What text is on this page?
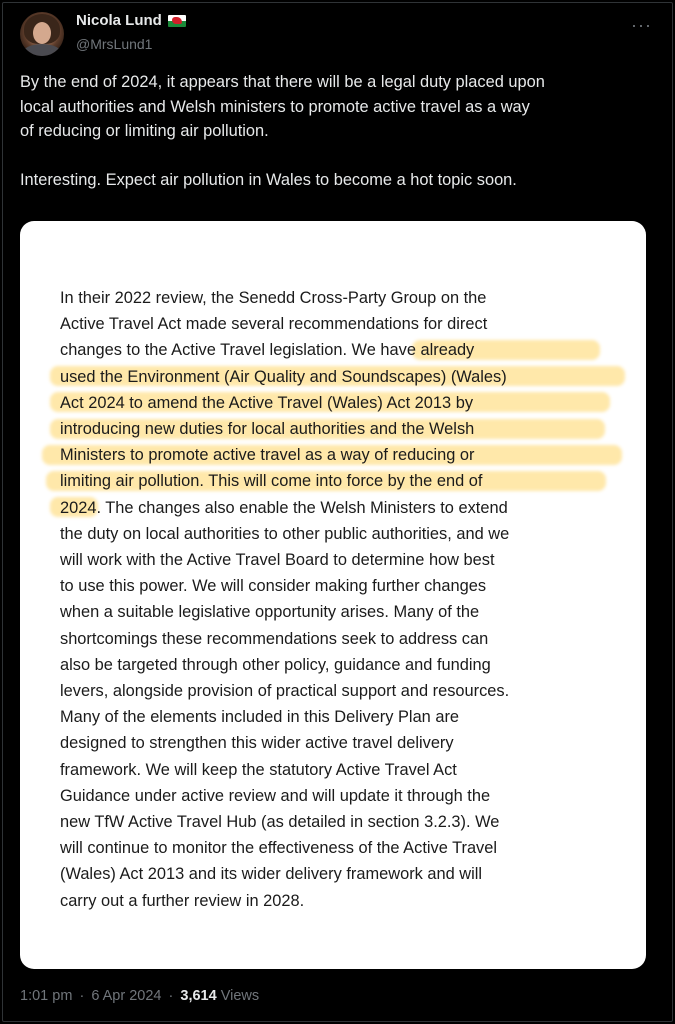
Nicola Lund
@MrsLund1
···

By the end of 2024, it appears that there will be a legal duty placed upon
local authorities and Welsh ministers to promote active travel as a way
of reducing or limiting air pollution.

Interesting. Expect air pollution in Wales to become a hot topic soon.

In their 2022 review, the Senedd Cross-Party Group on the
Active Travel Act made several recommendations for direct
changes to the Active Travel legislation. We have already
used the Environment (Air Quality and Soundscapes) (Wales)
Act 2024 to amend the Active Travel (Wales) Act 2013 by
introducing new duties for local authorities and the Welsh
Ministers to promote active travel as a way of reducing or
limiting air pollution. This will come into force by the end of
2024. The changes also enable the Welsh Ministers to extend
the duty on local authorities to other public authorities, and we
will work with the Active Travel Board to determine how best
to use this power. We will consider making further changes
when a suitable legislative opportunity arises. Many of the
shortcomings these recommendations seek to address can
also be targeted through other policy, guidance and funding
levers, alongside provision of practical support and resources.
Many of the elements included in this Delivery Plan are
designed to strengthen this wider active travel delivery
framework. We will keep the statutory Active Travel Act
Guidance under active review and will update it through the
new TfW Active Travel Hub (as detailed in section 3.2.3). We
will continue to monitor the effectiveness of the Active Travel
(Wales) Act 2013 and its wider delivery framework and will
carry out a further review in 2028.
1:01 pm · 6 Apr 2024 · 3,614 Views
